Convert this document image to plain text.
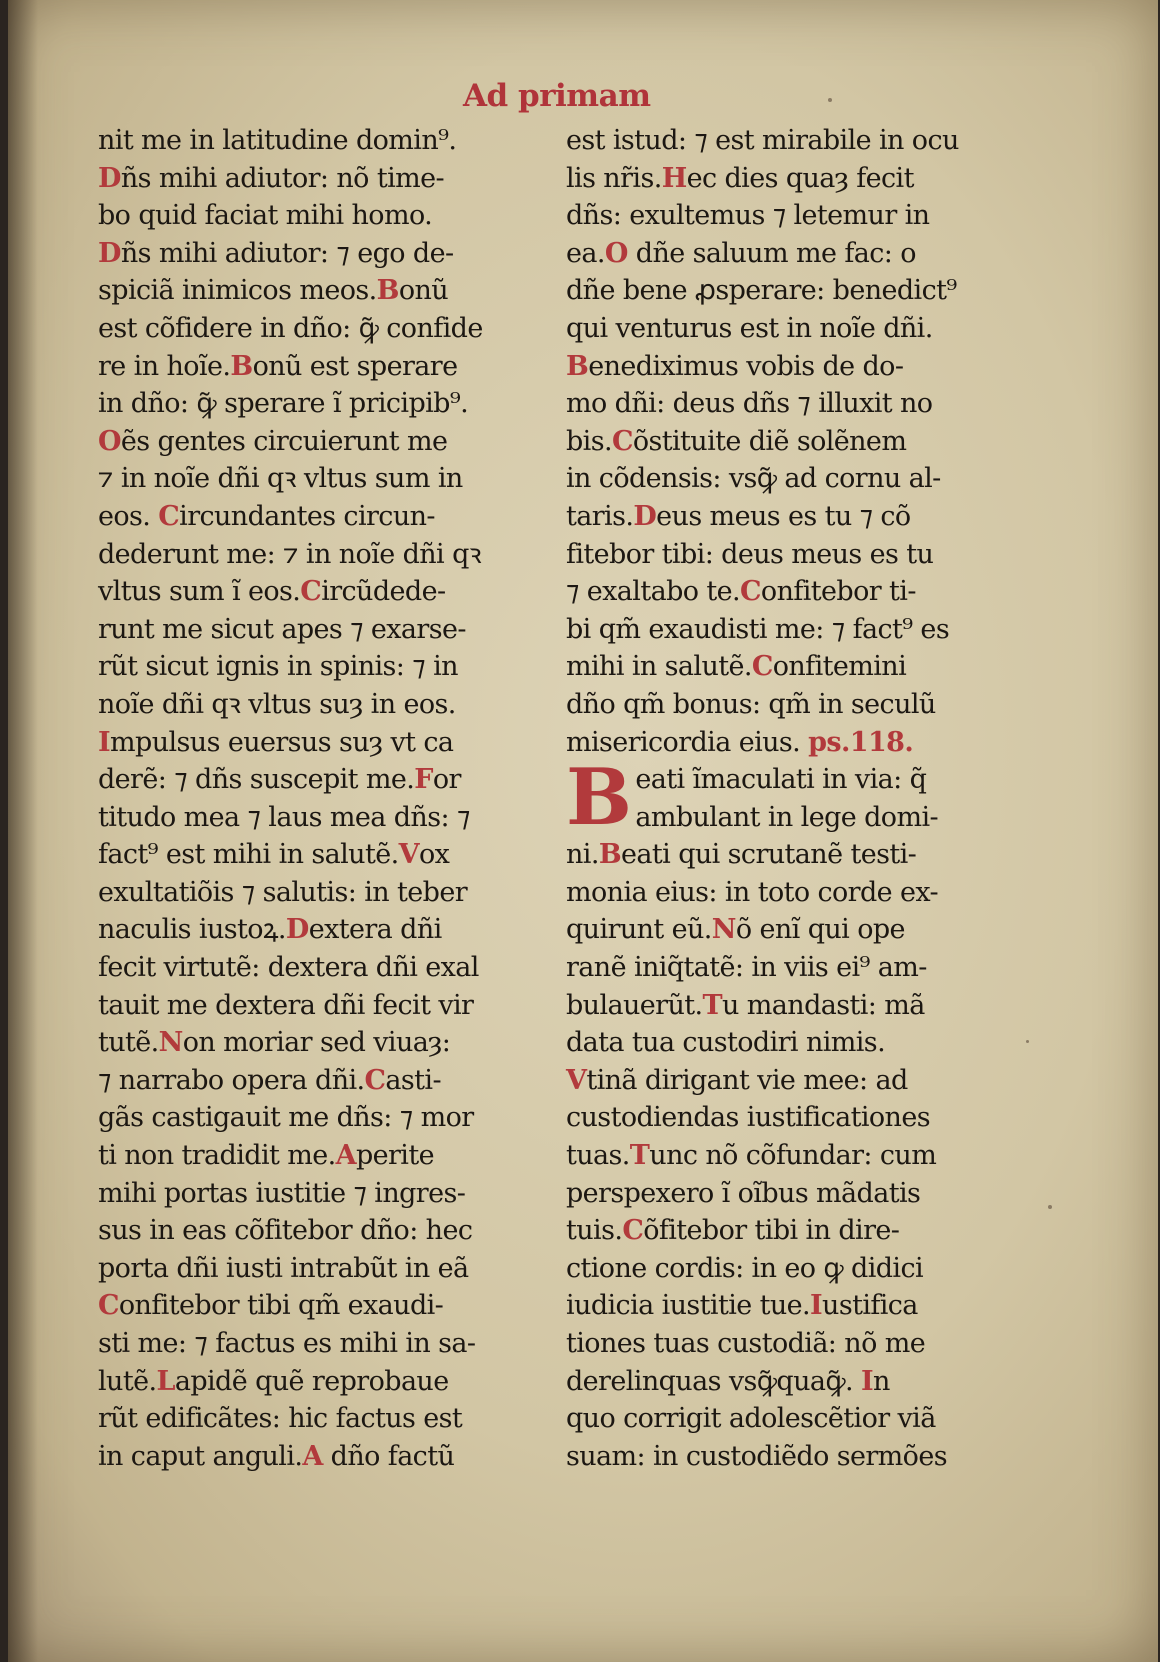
Ad primam
nit me in latitudine domin⁹.
Dñs mihi adiutor: nõ time-
bo quid faciat mihi homo.
Dñs mihi adiutor: ⁊ ego de-
spiciã inimicos meos.Bonũ
est cõfidere in dño: ꝙ̃ confide
re in hoĩe.Bonũ est sperare
in dño: ꝙ̃ sperare ĩ pricipib⁹.
Oẽs gentes circuierunt me
⁊ in noĩe dñi qꝛ vltus sum in
eos. Circundantes circun-
dederunt me: ⁊ in noĩe dñi qꝛ
vltus sum ĩ eos.Circũdede-
runt me sicut apes ⁊ exarse-
rũt sicut ignis in spinis: ⁊ in
noĩe dñi qꝛ vltus suȝ in eos.
Impulsus euersus suȝ vt ca
derẽ: ⁊ dñs suscepit me.For
titudo mea ⁊ laus mea dñs: ⁊
fact⁹ est mihi in salutẽ.Vox
exultatiõis ⁊ salutis: in teber
naculis iustoꝝ.Dextera dñi
fecit virtutẽ: dextera dñi exal
tauit me dextera dñi fecit vir
tutẽ.Non moriar sed viuaȝ:
⁊ narrabo opera dñi.Casti-
gãs castigauit me dñs: ⁊ mor
ti non tradidit me.Aperite
mihi portas iustitie ⁊ ingres-
sus in eas cõfitebor dño: hec
porta dñi iusti intrabũt in eã
Confitebor tibi qm̃ exaudi-
sti me: ⁊ factus es mihi in sa-
lutẽ.Lapidẽ quẽ reprobaue
rũt edificãtes: hic factus est
in caput anguli.A dño factũ
est istud: ⁊ est mirabile in ocu
lis nr̃is.Hec dies quaȝ fecit
dñs: exultemus ⁊ letemur in
ea.O dñe saluum me fac: o
dñe bene ꝓsperare: benedict⁹
qui venturus est in noĩe dñi.
Benediximus vobis de do-
mo dñi: deus dñs ⁊ illuxit no
bis.Cõstituite diẽ solẽnem
in cõdensis: vsꝙ̃ ad cornu al-
taris.Deus meus es tu ⁊ cõ
fitebor tibi: deus meus es tu
⁊ exaltabo te.Confitebor ti-
bi qm̃ exaudisti me: ⁊ fact⁹ es
mihi in salutẽ.Confitemini
dño qm̃ bonus: qm̃ in seculũ
misericordia eius. ps.118.
Beati ĩmaculati in via: q̃
ambulant in lege domi-
ni.Beati qui scrutanẽ testi-
monia eius: in toto corde ex-
quirunt eũ.Nõ enĩ qui ope
ranẽ iniq̃tatẽ: in viis ei⁹ am-
bulauerũt.Tu mandasti: mã
data tua custodiri nimis.
Vtinã dirigant vie mee: ad
custodiendas iustificationes
tuas.Tunc nõ cõfundar: cum
perspexero ĩ oĩbus mãdatis
tuis.Cõfitebor tibi in dire-
ctione cordis: in eo ꝙ didici
iudicia iustitie tue.Iustifica
tiones tuas custodiã: nõ me
derelinquas vsꝙ̃quaꝙ̃. In
quo corrigit adolescẽtior viã
suam: in custodiẽdo sermões
